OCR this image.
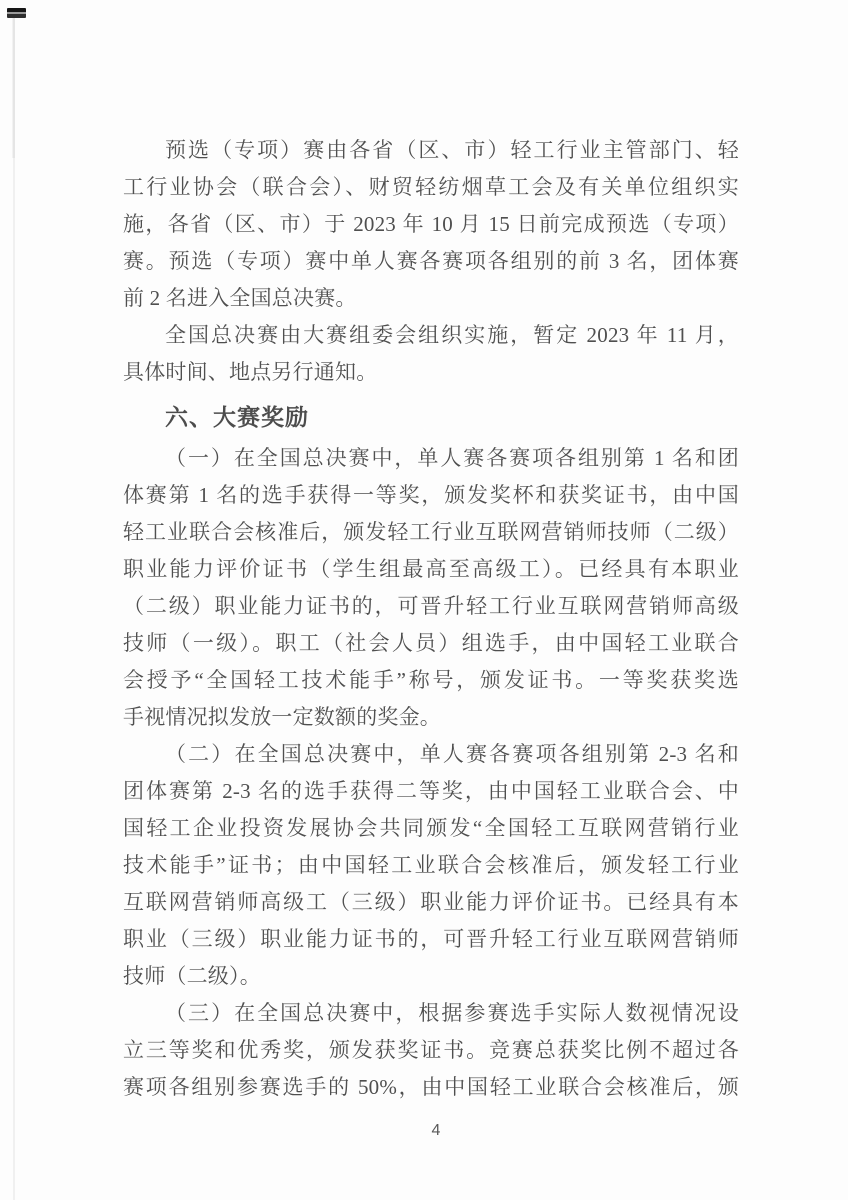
预选（专项）赛由各省（区、市）轻工行业主管部门、轻
工行业协会（联合会）、财贸轻纺烟草工会及有关单位组织实
施，各省（区、市）于 2023 年 10 月 15 日前完成预选（专项）
赛。预选（专项）赛中单人赛各赛项各组别的前 3 名，团体赛
前 2 名进入全国总决赛。
全国总决赛由大赛组委会组织实施，暂定 2023 年 11 月，
具体时间、地点另行通知。
六、大赛奖励
（一）在全国总决赛中，单人赛各赛项各组别第 1 名和团
体赛第 1 名的选手获得一等奖，颁发奖杯和获奖证书，由中国
轻工业联合会核准后，颁发轻工行业互联网营销师技师（二级）
职业能力评价证书（学生组最高至高级工）。已经具有本职业
（二级）职业能力证书的，可晋升轻工行业互联网营销师高级
技师（一级）。职工（社会人员）组选手，由中国轻工业联合
会授予“全国轻工技术能手”称号，颁发证书。一等奖获奖选
手视情况拟发放一定数额的奖金。
（二）在全国总决赛中，单人赛各赛项各组别第 2-3 名和
团体赛第 2-3 名的选手获得二等奖，由中国轻工业联合会、中
国轻工企业投资发展协会共同颁发“全国轻工互联网营销行业
技术能手”证书；由中国轻工业联合会核准后，颁发轻工行业
互联网营销师高级工（三级）职业能力评价证书。已经具有本
职业（三级）职业能力证书的，可晋升轻工行业互联网营销师
技师（二级）。
（三）在全国总决赛中，根据参赛选手实际人数视情况设
立三等奖和优秀奖，颁发获奖证书。竞赛总获奖比例不超过各
赛项各组别参赛选手的 50%，由中国轻工业联合会核准后，颁
4
